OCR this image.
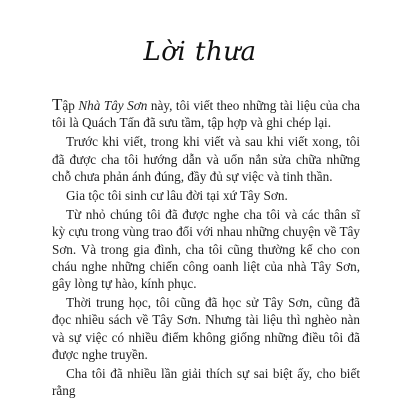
Lời thưa

Tập Nhà Tây Sơn này, tôi viết theo những tài liệu của cha tôi là Quách Tấn đã sưu tầm, tập hợp và ghi chép lại.

Trước khi viết, trong khi viết và sau khi viết xong, tôi đã được cha tôi hướng dẫn và uốn nắn sửa chữa những chỗ chưa phản ánh đúng, đầy đủ sự việc và tinh thần.

Gia tộc tôi sinh cư lâu đời tại xứ Tây Sơn.

Từ nhỏ chúng tôi đã được nghe cha tôi và các thân sĩ kỳ cựu trong vùng trao đổi với nhau những chuyện về Tây Sơn. Và trong gia đình, cha tôi cũng thường kể cho con cháu nghe những chiến công oanh liệt của nhà Tây Sơn, gây lòng tự hào, kính phục.

Thời trung học, tôi cũng đã học sử Tây Sơn, cũng đã đọc nhiều sách về Tây Sơn. Nhưng tài liệu thì nghèo nàn và sự việc có nhiều điểm không giống những điều tôi đã được nghe truyền.

Cha tôi đã nhiều lần giải thích sự sai biệt ấy, cho biết rằng
